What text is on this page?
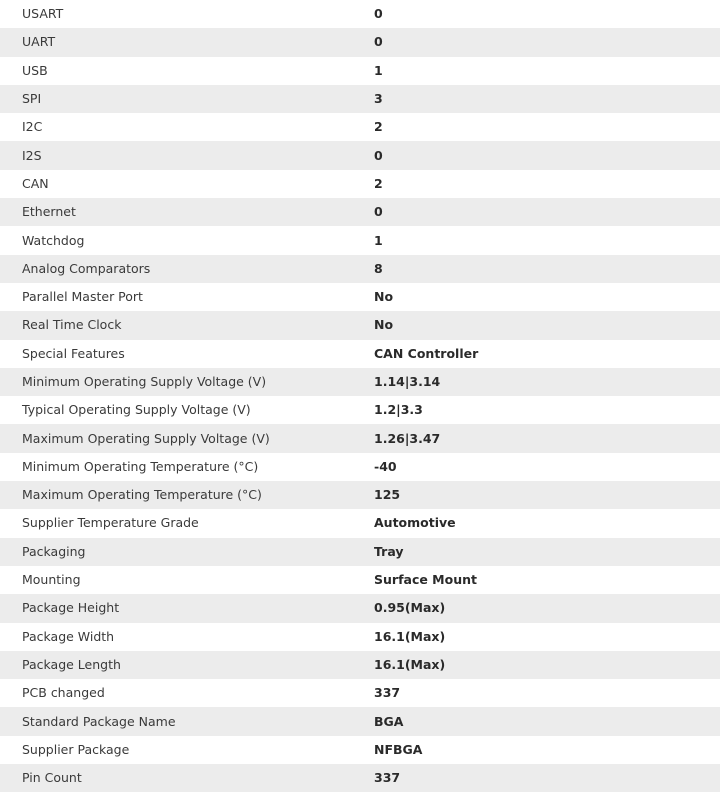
USART	0
UART	0
USB	1
SPI	3
I2C	2
I2S	0
CAN	2
Ethernet	0
Watchdog	1
Analog Comparators	8
Parallel Master Port	No
Real Time Clock	No
Special Features	CAN Controller
Minimum Operating Supply Voltage (V)	1.14|3.14
Typical Operating Supply Voltage (V)	1.2|3.3
Maximum Operating Supply Voltage (V)	1.26|3.47
Minimum Operating Temperature (°C)	-40
Maximum Operating Temperature (°C)	125
Supplier Temperature Grade	Automotive
Packaging	Tray
Mounting	Surface Mount
Package Height	0.95(Max)
Package Width	16.1(Max)
Package Length	16.1(Max)
PCB changed	337
Standard Package Name	BGA
Supplier Package	NFBGA
Pin Count	337
